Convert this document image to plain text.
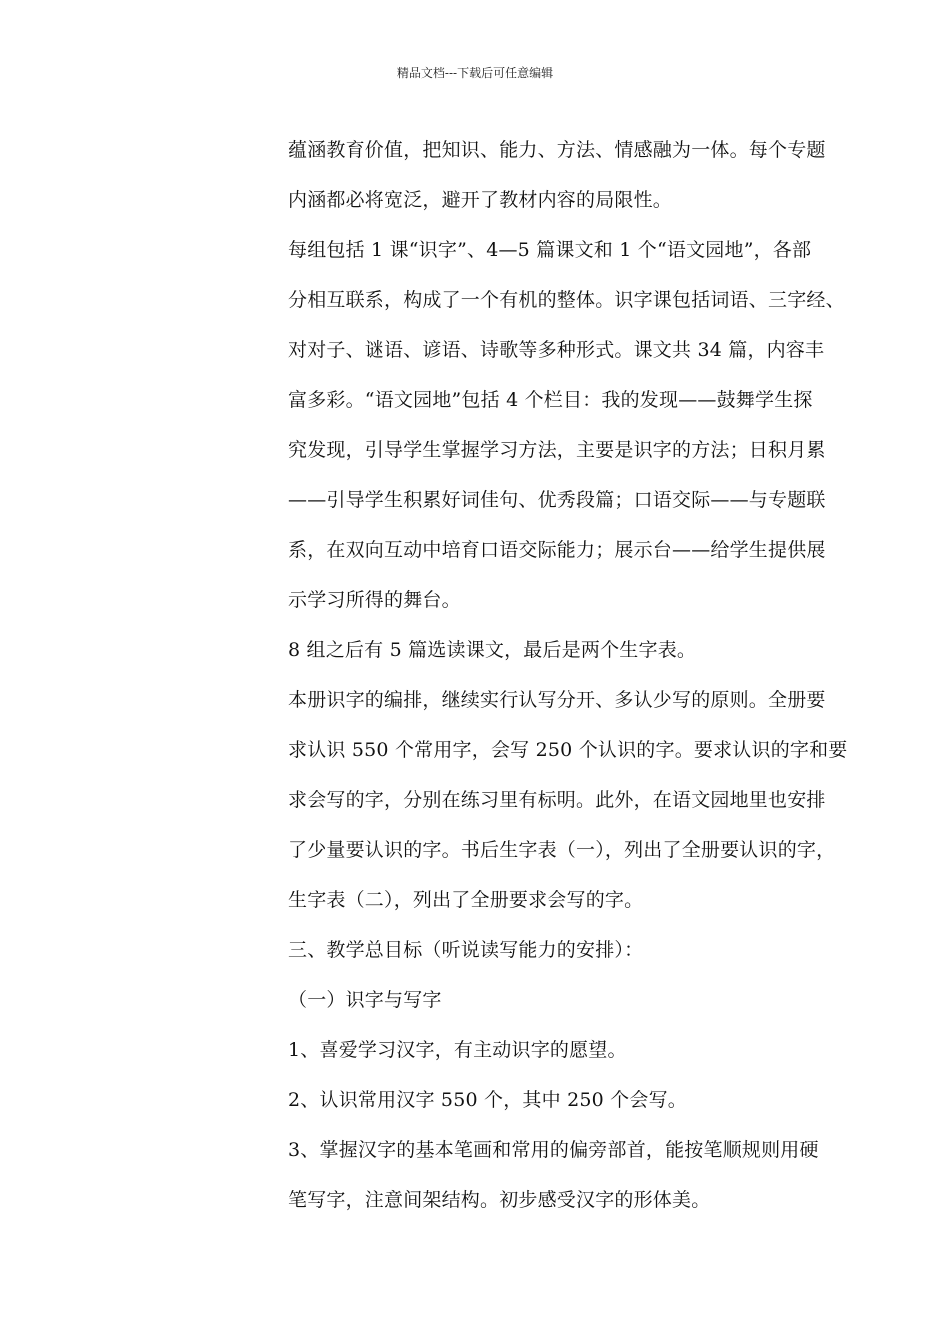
精品文档---下载后可任意编辑
蕴涵教育价值，把知识、能力、方法、情感融为一体。每个专题
内涵都必将宽泛，避开了教材内容的局限性。
每组包括 1 课“识字”、4—5 篇课文和 1 个“语文园地”，各部
分相互联系，构成了一个有机的整体。识字课包括词语、三字经、
对对子、谜语、谚语、诗歌等多种形式。课文共 34 篇，内容丰
富多彩。“语文园地”包括 4 个栏目：我的发现——鼓舞学生探
究发现，引导学生掌握学习方法，主要是识字的方法；日积月累
——引导学生积累好词佳句、优秀段篇；口语交际——与专题联
系，在双向互动中培育口语交际能力；展示台——给学生提供展
示学习所得的舞台。
8 组之后有 5 篇选读课文，最后是两个生字表。
本册识字的编排，继续实行认写分开、多认少写的原则。全册要
求认识 550 个常用字，会写 250 个认识的字。要求认识的字和要
求会写的字，分别在练习里有标明。此外，在语文园地里也安排
了少量要认识的字。书后生字表（一），列出了全册要认识的字，
生字表（二），列出了全册要求会写的字。
三、教学总目标（听说读写能力的安排）：
（一）识字与写字
1、喜爱学习汉字，有主动识字的愿望。
2、认识常用汉字 550 个，其中 250 个会写。
3、掌握汉字的基本笔画和常用的偏旁部首，能按笔顺规则用硬
笔写字，注意间架结构。初步感受汉字的形体美。
